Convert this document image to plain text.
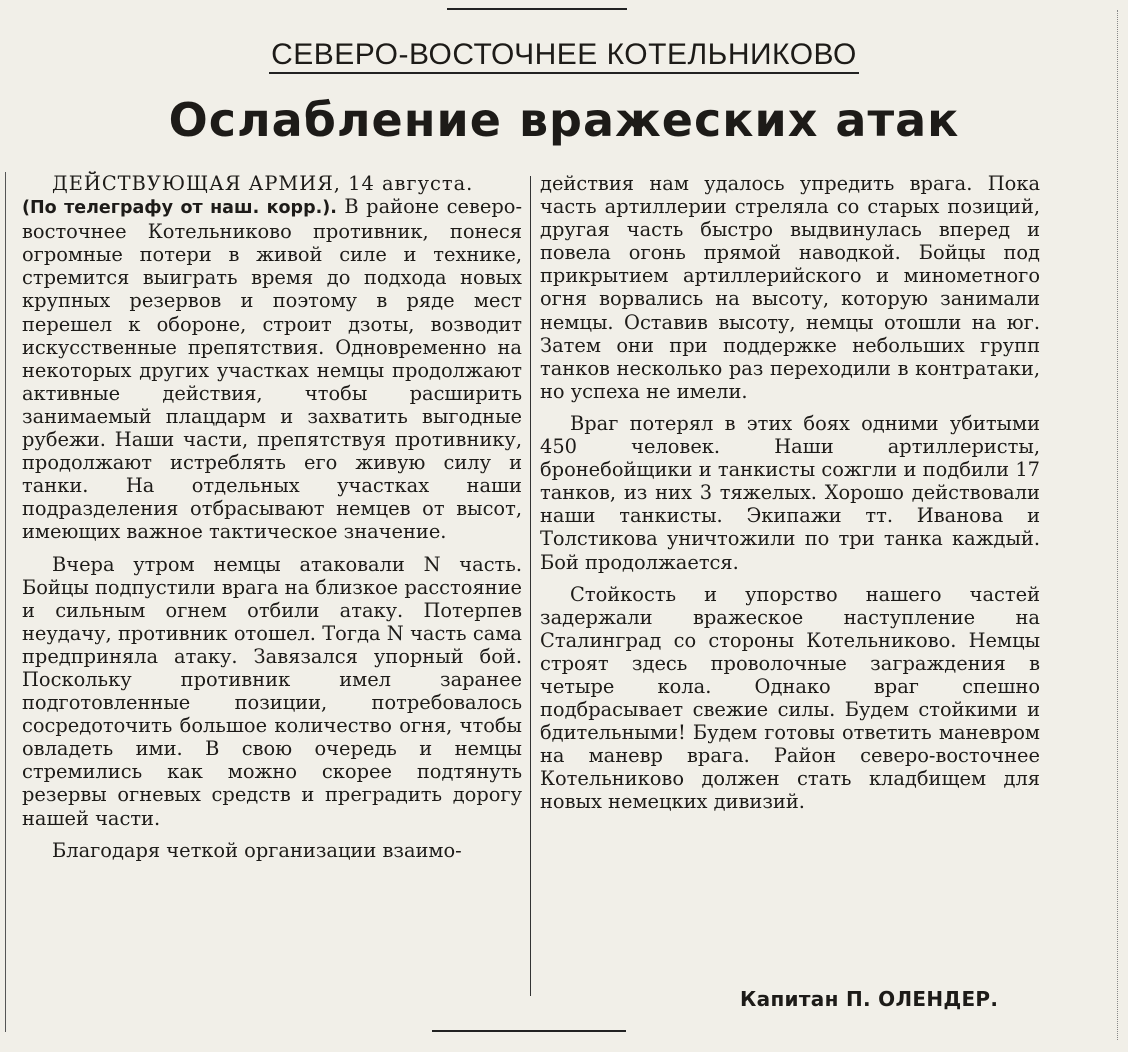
СЕВЕРО-ВОСТОЧНЕЕ КОТЕЛЬНИКОВО
Ослабление вражеских атак

ДЕЙСТВУЮЩАЯ АРМИЯ, 14 августа.
(По телеграфу от наш. корр.). В районе северо-восточнее Котельниково противник, понеся огромные потери в живой силе и технике, стремится выиграть время до подхода новых крупных резервов и поэтому в ряде мест перешел к обороне, строит дзоты, возводит искусственные препятствия. Одновременно на некоторых других участках немцы продолжают активные действия, чтобы расширить занимаемый плацдарм и захватить выгодные рубежи. Наши части, препятствуя противнику, продолжают истреблять его живую силу и танки. На отдельных участках наши подразделения отбрасывают немцев от высот, имеющих важное тактическое значение.

Вчера утром немцы атаковали N часть. Бойцы подпустили врага на близкое расстояние и сильным огнем отбили атаку. Потерпев неудачу, противник отошел. Тогда N часть сама предприняла атаку. Завязался упорный бой. Поскольку противник имел заранее подготовленные позиции, потребовалось сосредоточить большое количество огня, чтобы овладеть ими. В свою очередь и немцы стремились как можно скорее подтянуть резервы огневых средств и преградить дорогу нашей части.

Благодаря четкой организации взаимо-

действия нам удалось упредить врага. Пока часть артиллерии стреляла со старых позиций, другая часть быстро выдвинулась вперед и повела огонь прямой наводкой. Бойцы под прикрытием артиллерийского и минометного огня ворвались на высоту, которую занимали немцы. Оставив высоту, немцы отошли на юг. Затем они при поддержке небольших групп танков несколько раз переходили в контратаки, но успеха не имели.

Враг потерял в этих боях одними убитыми 450 человек. Наши артиллеристы, бронебойщики и танкисты сожгли и подбили 17 танков, из них 3 тяжелых. Хорошо действовали наши танкисты. Экипажи тт. Иванова и Толстикова уничтожили по три танка каждый. Бой продолжается.

Стойкость и упорство нашего частей задержали вражеское наступление на Сталинград со стороны Котельниково. Немцы строят здесь проволочные заграждения в четыре кола. Однако враг спешно подбрасывает свежие силы. Будем стойкими и бдительными! Будем готовы ответить маневром на маневр врага. Район северо-восточнее Котельниково должен стать кладбищем для новых немецких дивизий.

Капитан П. ОЛЕНДЕР.
